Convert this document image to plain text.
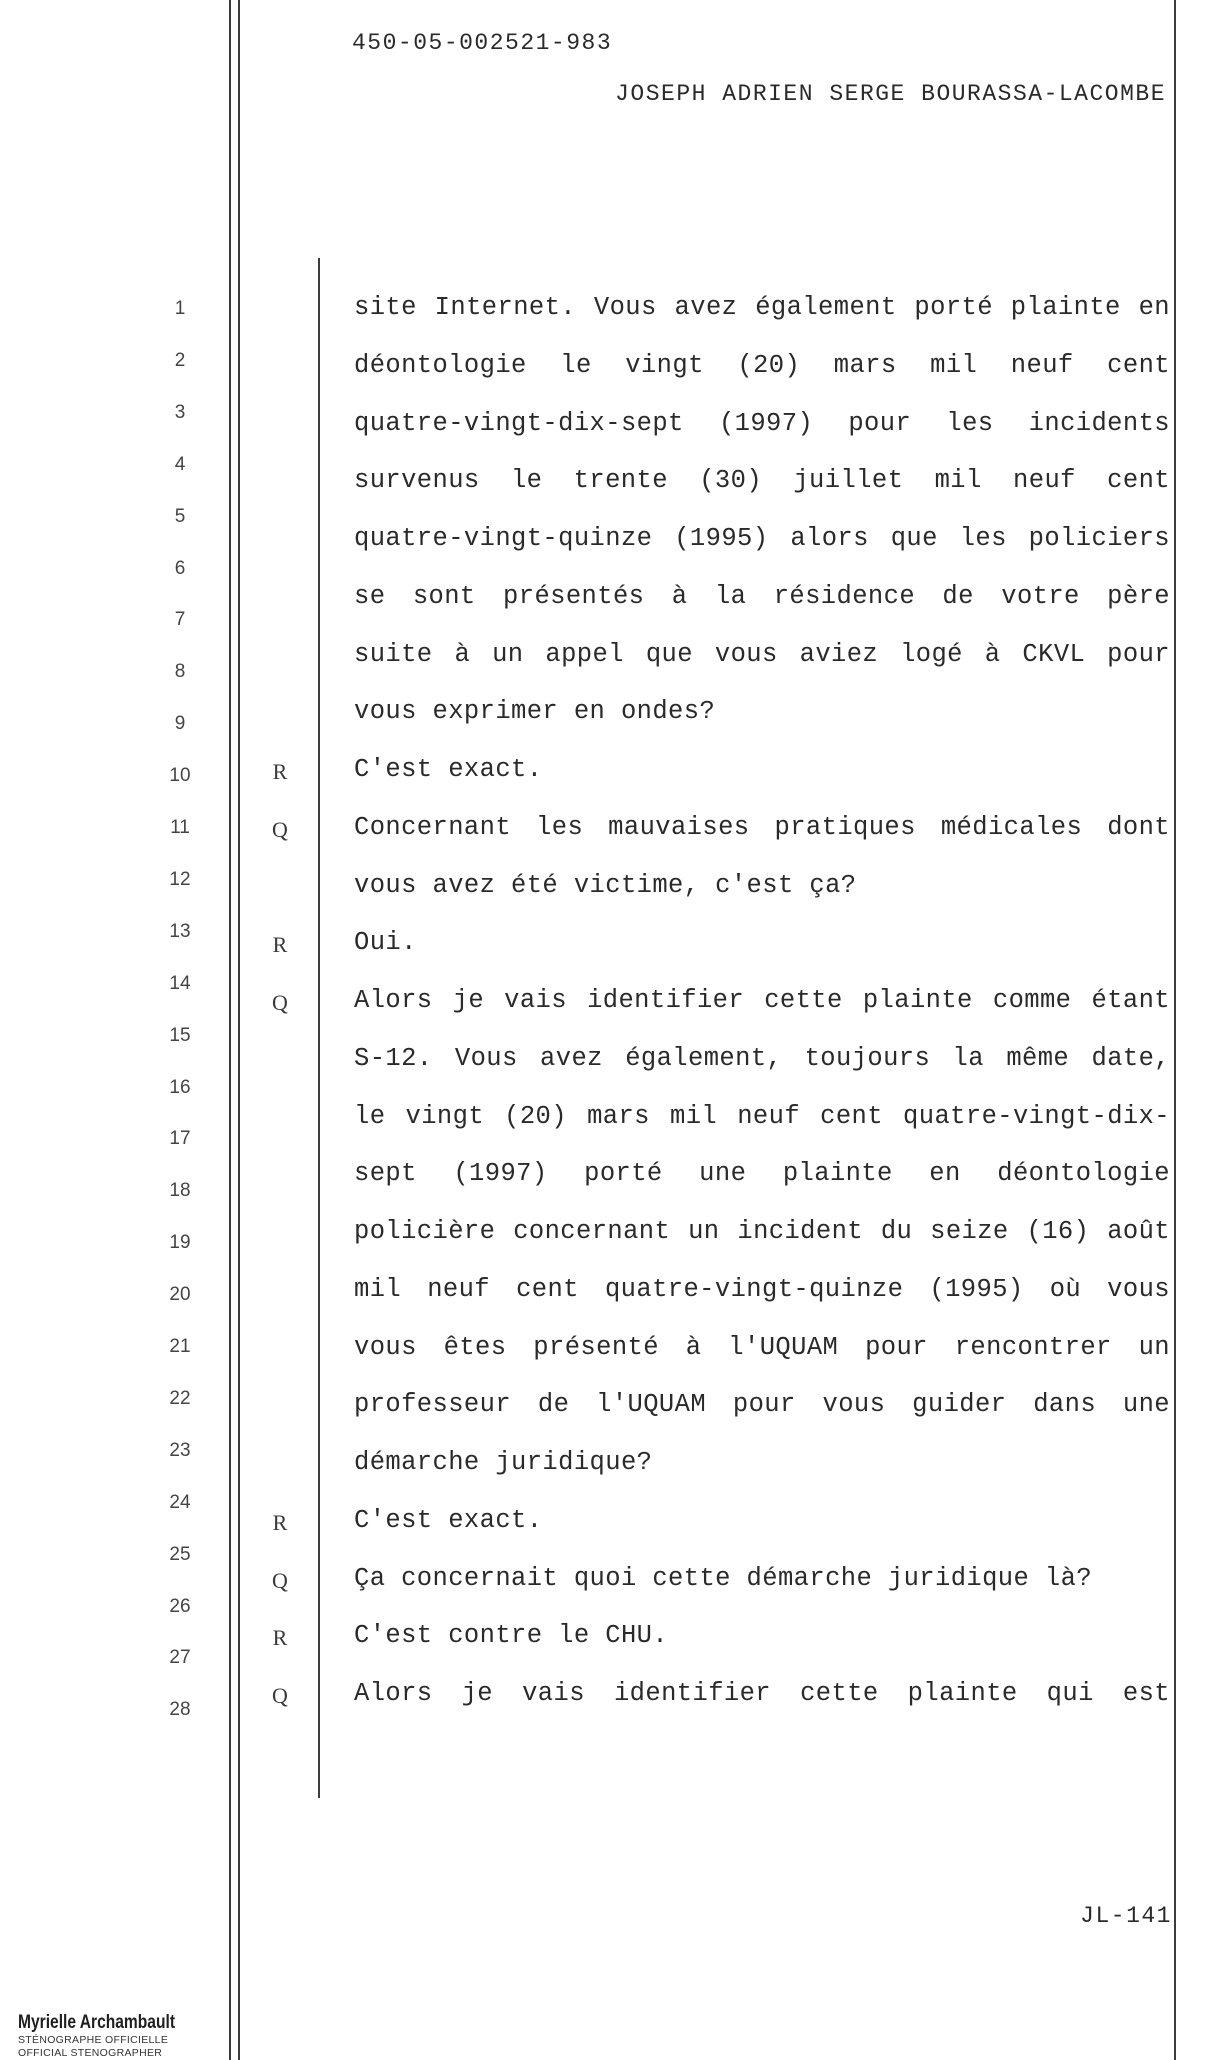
450-05-002521-983
JOSEPH ADRIEN SERGE BOURASSA-LACOMBE
1
2
3
4
5
6
7
8
9
10
11
12
13
14
15
16
17
18
19
20
21
22
23
24
25
26
27
28
site Internet. Vous avez également porté plainte en
déontologie le vingt (20) mars mil neuf cent
quatre-vingt-dix-sept (1997) pour les incidents
survenus le trente (30) juillet mil neuf cent
quatre-vingt-quinze (1995) alors que les policiers
se sont présentés à la résidence de votre père
suite à un appel que vous aviez logé à CKVL pour
vous exprimer en ondes?
R	C'est exact.
Q	Concernant les mauvaises pratiques médicales dont
vous avez été victime, c'est ça?
R	Oui.
Q	Alors je vais identifier cette plainte comme étant
S-12. Vous avez également, toujours la même date,
le vingt (20) mars mil neuf cent quatre-vingt-dix-
sept (1997) porté une plainte en déontologie
policière concernant un incident du seize (16) août
mil neuf cent quatre-vingt-quinze (1995) où vous
vous êtes présenté à l'UQUAM pour rencontrer un
professeur de l'UQUAM pour vous guider dans une
démarche juridique?
R	C'est exact.
Q	Ça concernait quoi cette démarche juridique là?
R	C'est contre le CHU.
Q	Alors je vais identifier cette plainte qui est
JL-141
Myrielle Archambault
STÉNOGRAPHE OFFICIELLE
OFFICIAL STENOGRAPHER
